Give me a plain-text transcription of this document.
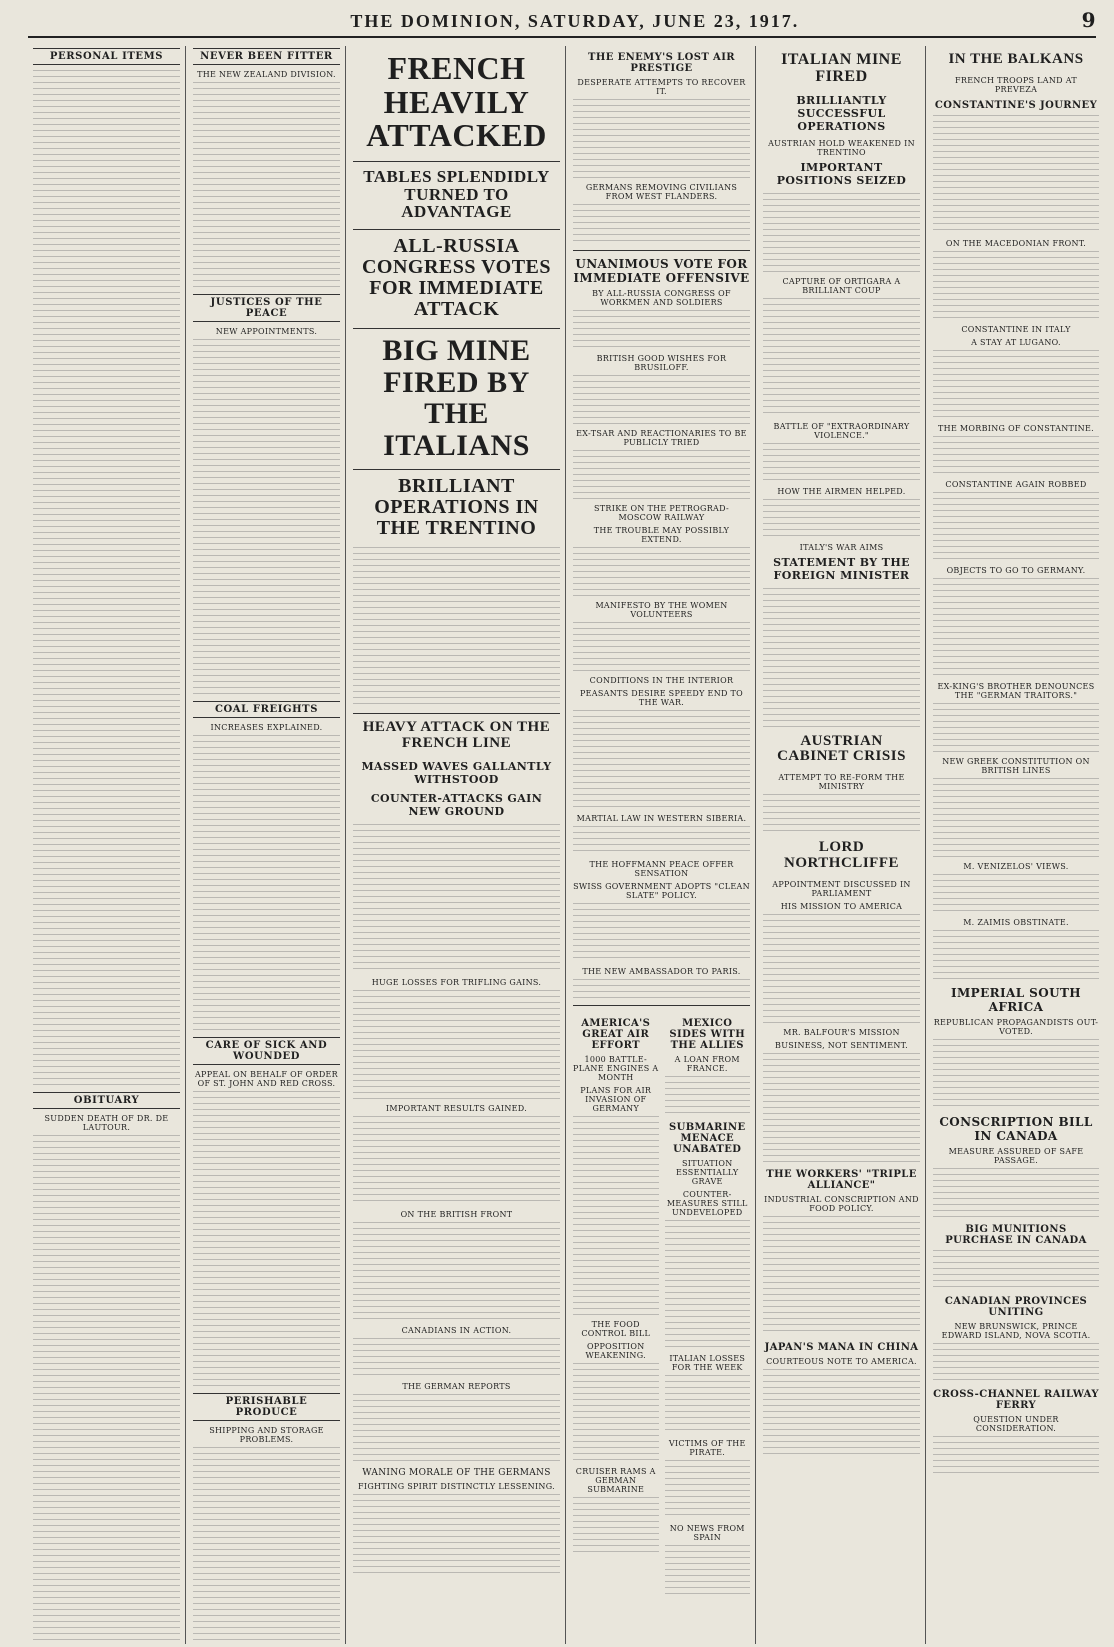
THE DOMINION, SATURDAY, JUNE 23, 1917.	9
PERSONAL ITEMS
OBITUARY
SUDDEN DEATH OF DR. DE LAUTOUR.
NEVER BEEN FITTER
THE NEW ZEALAND DIVISION.
JUSTICES OF THE PEACE
NEW APPOINTMENTS.
COAL FREIGHTS
INCREASES EXPLAINED.
CARE OF SICK AND WOUNDED
APPEAL ON BEHALF OF ORDER OF ST. JOHN AND RED CROSS.
PERISHABLE PRODUCE
SHIPPING AND STORAGE PROBLEMS.
FRENCH HEAVILY ATTACKED
TABLES SPLENDIDLY TURNED TO ADVANTAGE
ALL-RUSSIA CONGRESS VOTES FOR IMMEDIATE ATTACK
BIG MINE FIRED BY THE ITALIANS
BRILLIANT OPERATIONS IN THE TRENTINO
HEAVY ATTACK ON THE FRENCH LINE
MASSED WAVES GALLANTLY WITHSTOOD
COUNTER-ATTACKS GAIN NEW GROUND
HUGE LOSSES FOR TRIFLING GAINS.
IMPORTANT RESULTS GAINED.
ON THE BRITISH FRONT
CANADIANS IN ACTION.
THE GERMAN REPORTS
WANING MORALE OF THE GERMANS
FIGHTING SPIRIT DISTINCTLY LESSENING.
THE ENEMY'S LOST AIR PRESTIGE
DESPERATE ATTEMPTS TO RECOVER IT.
GERMANS REMOVING CIVILIANS FROM WEST FLANDERS.
UNANIMOUS VOTE FOR IMMEDIATE OFFENSIVE
BY ALL-RUSSIA CONGRESS OF WORKMEN AND SOLDIERS
BRITISH GOOD WISHES FOR BRUSILOFF.
EX-TSAR AND REACTIONARIES TO BE PUBLICLY TRIED
STRIKE ON THE PETROGRAD-MOSCOW RAILWAY
THE TROUBLE MAY POSSIBLY EXTEND.
MANIFESTO BY THE WOMEN VOLUNTEERS
CONDITIONS IN THE INTERIOR
PEASANTS DESIRE SPEEDY END TO THE WAR.
MARTIAL LAW IN WESTERN SIBERIA.
THE HOFFMANN PEACE OFFER SENSATION
SWISS GOVERNMENT ADOPTS "CLEAN SLATE" POLICY.
THE NEW AMBASSADOR TO PARIS.
AMERICA'S GREAT AIR EFFORT
1000 BATTLE-PLANE ENGINES A MONTH
PLANS FOR AIR INVASION OF GERMANY
THE FOOD CONTROL BILL
OPPOSITION WEAKENING.
CRUISER RAMS A GERMAN SUBMARINE
MEXICO SIDES WITH THE ALLIES
A LOAN FROM FRANCE.
SUBMARINE MENACE UNABATED
SITUATION ESSENTIALLY GRAVE
COUNTER-MEASURES STILL UNDEVELOPED
ITALIAN LOSSES FOR THE WEEK
VICTIMS OF THE PIRATE.
NO NEWS FROM SPAIN
ITALIAN MINE FIRED
BRILLIANTLY SUCCESSFUL OPERATIONS
AUSTRIAN HOLD WEAKENED IN TRENTINO
IMPORTANT POSITIONS SEIZED
CAPTURE OF ORTIGARA A BRILLIANT COUP
BATTLE OF "EXTRAORDINARY VIOLENCE."
HOW THE AIRMEN HELPED.
ITALY'S WAR AIMS
STATEMENT BY THE FOREIGN MINISTER
AUSTRIAN CABINET CRISIS
ATTEMPT TO RE-FORM THE MINISTRY
LORD NORTHCLIFFE
APPOINTMENT DISCUSSED IN PARLIAMENT
HIS MISSION TO AMERICA
MR. BALFOUR'S MISSION
BUSINESS, NOT SENTIMENT.
THE WORKERS' "TRIPLE ALLIANCE"
INDUSTRIAL CONSCRIPTION AND FOOD POLICY.
JAPAN'S MANA IN CHINA
COURTEOUS NOTE TO AMERICA.
IN THE BALKANS
FRENCH TROOPS LAND AT PREVEZA
CONSTANTINE'S JOURNEY
ON THE MACEDONIAN FRONT.
CONSTANTINE IN ITALY
A STAY AT LUGANO.
THE MORBING OF CONSTANTINE.
CONSTANTINE AGAIN ROBBED
OBJECTS TO GO TO GERMANY.
EX-KING'S BROTHER DENOUNCES THE "GERMAN TRAITORS."
NEW GREEK CONSTITUTION ON BRITISH LINES
M. VENIZELOS' VIEWS.
M. ZAIMIS OBSTINATE.
IMPERIAL SOUTH AFRICA
REPUBLICAN PROPAGANDISTS OUT-VOTED.
CONSCRIPTION BILL IN CANADA
MEASURE ASSURED OF SAFE PASSAGE.
BIG MUNITIONS PURCHASE IN CANADA
CANADIAN PROVINCES UNITING
NEW BRUNSWICK, PRINCE EDWARD ISLAND, NOVA SCOTIA.
CROSS-CHANNEL RAILWAY FERRY
QUESTION UNDER CONSIDERATION.
